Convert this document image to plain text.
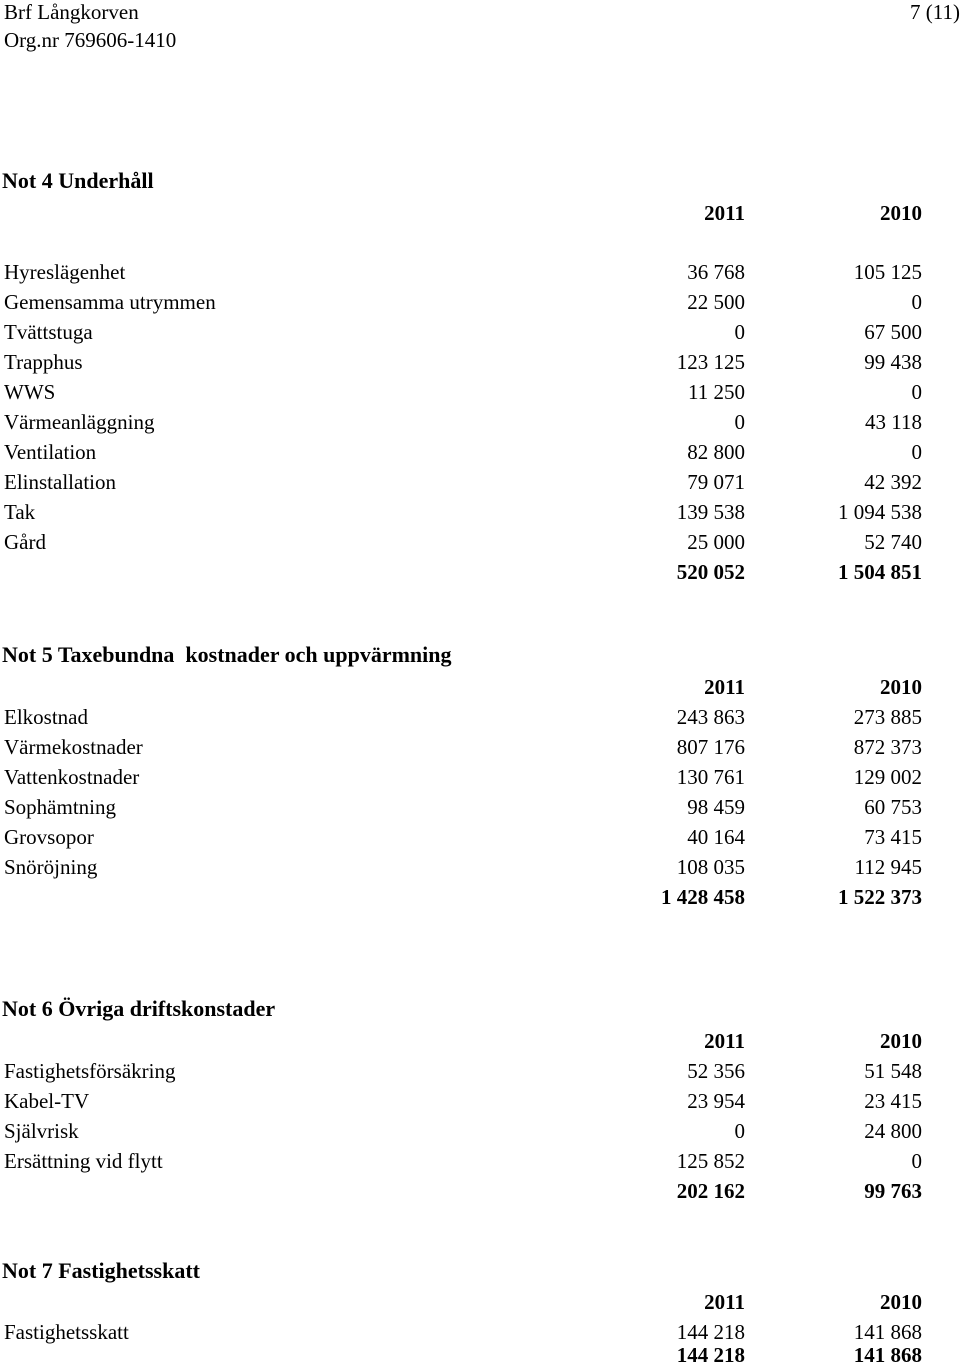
Brf Långkorven
Org.nr 769606-1410
7 (11)
Not 4 Underhåll
2011	2010
Hyreslägenhet	36 768	105 125
Gemensamma utrymmen	22 500	0
Tvättstuga	0	67 500
Trapphus	123 125	99 438
WWS	11 250	0
Värmeanläggning	0	43 118
Ventilation	82 800	0
Elinstallation	79 071	42 392
Tak	139 538	1 094 538
Gård	25 000	52 740
520 052	1 504 851
Not 5 Taxebundna  kostnader och uppvärmning
2011	2010
Elkostnad	243 863	273 885
Värmekostnader	807 176	872 373
Vattenkostnader	130 761	129 002
Sophämtning	98 459	60 753
Grovsopor	40 164	73 415
Snöröjning	108 035	112 945
1 428 458	1 522 373
Not 6 Övriga driftskonstader
2011	2010
Fastighetsförsäkring	52 356	51 548
Kabel-TV	23 954	23 415
Självrisk	0	24 800
Ersättning vid flytt	125 852	0
202 162	99 763
Not 7 Fastighetsskatt
2011	2010
Fastighetsskatt	144 218	141 868
144 218	141 868
